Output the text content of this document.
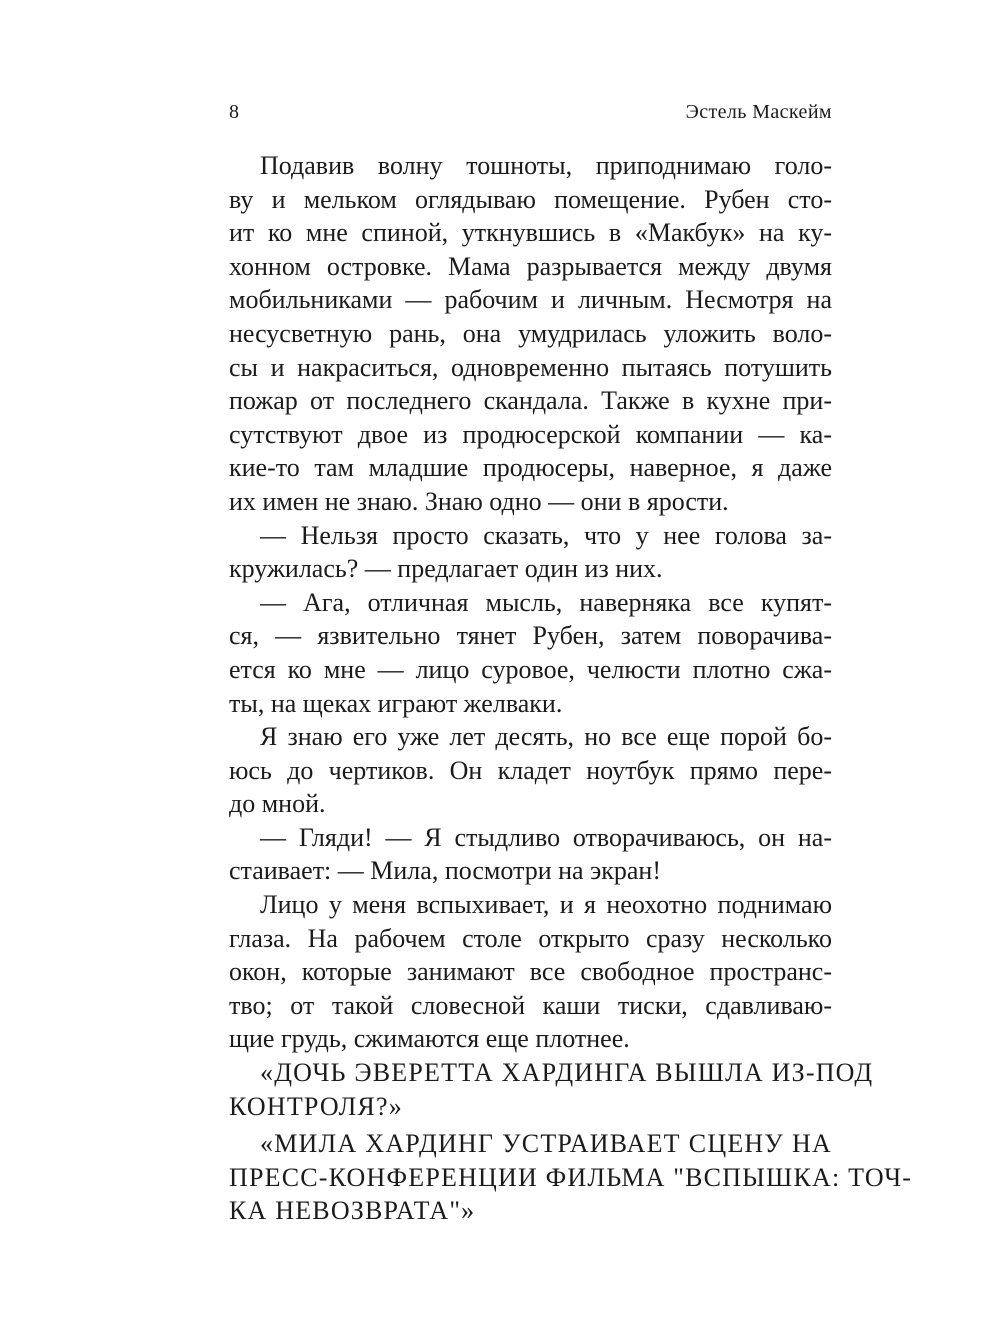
8	Эстель Маскейм
Подавив волну тошноты, приподнимаю голо-
ву и мельком оглядываю помещение. Рубен сто-
ит ко мне спиной, уткнувшись в «Макбук» на ку-
хонном островке. Мама разрывается между двумя
мобильниками — рабочим и личным. Несмотря на
несусветную рань, она умудрилась уложить воло-
сы и накраситься, одновременно пытаясь потушить
пожар от последнего скандала. Также в кухне при-
сутствуют двое из продюсерской компании — ка-
кие-то там младшие продюсеры, наверное, я даже
их имен не знаю. Знаю одно — они в ярости.
— Нельзя просто сказать, что у нее голова за-
кружилась? — предлагает один из них.
— Ага, отличная мысль, наверняка все купят-
ся, — язвительно тянет Рубен, затем поворачива-
ется ко мне — лицо суровое, челюсти плотно сжа-
ты, на щеках играют желваки.
Я знаю его уже лет десять, но все еще порой бо-
юсь до чертиков. Он кладет ноутбук прямо пере-
до мной.
— Гляди! — Я стыдливо отворачиваюсь, он на-
стаивает: — Мила, посмотри на экран!
Лицо у меня вспыхивает, и я неохотно поднимаю
глаза. На рабочем столе открыто сразу несколько
окон, которые занимают все свободное пространс-
тво; от такой словесной каши тиски, сдавливаю-
щие грудь, сжимаются еще плотнее.
«ДОЧЬ ЭВЕРЕТТА ХАРДИНГА ВЫШЛА ИЗ-ПОД
КОНТРОЛЯ?»
«МИЛА ХАРДИНГ УСТРАИВАЕТ СЦЕНУ НА
ПРЕСС-КОНФЕРЕНЦИИ ФИЛЬМА "ВСПЫШКА: ТОЧ-
КА НЕВОЗВРАТА"»
